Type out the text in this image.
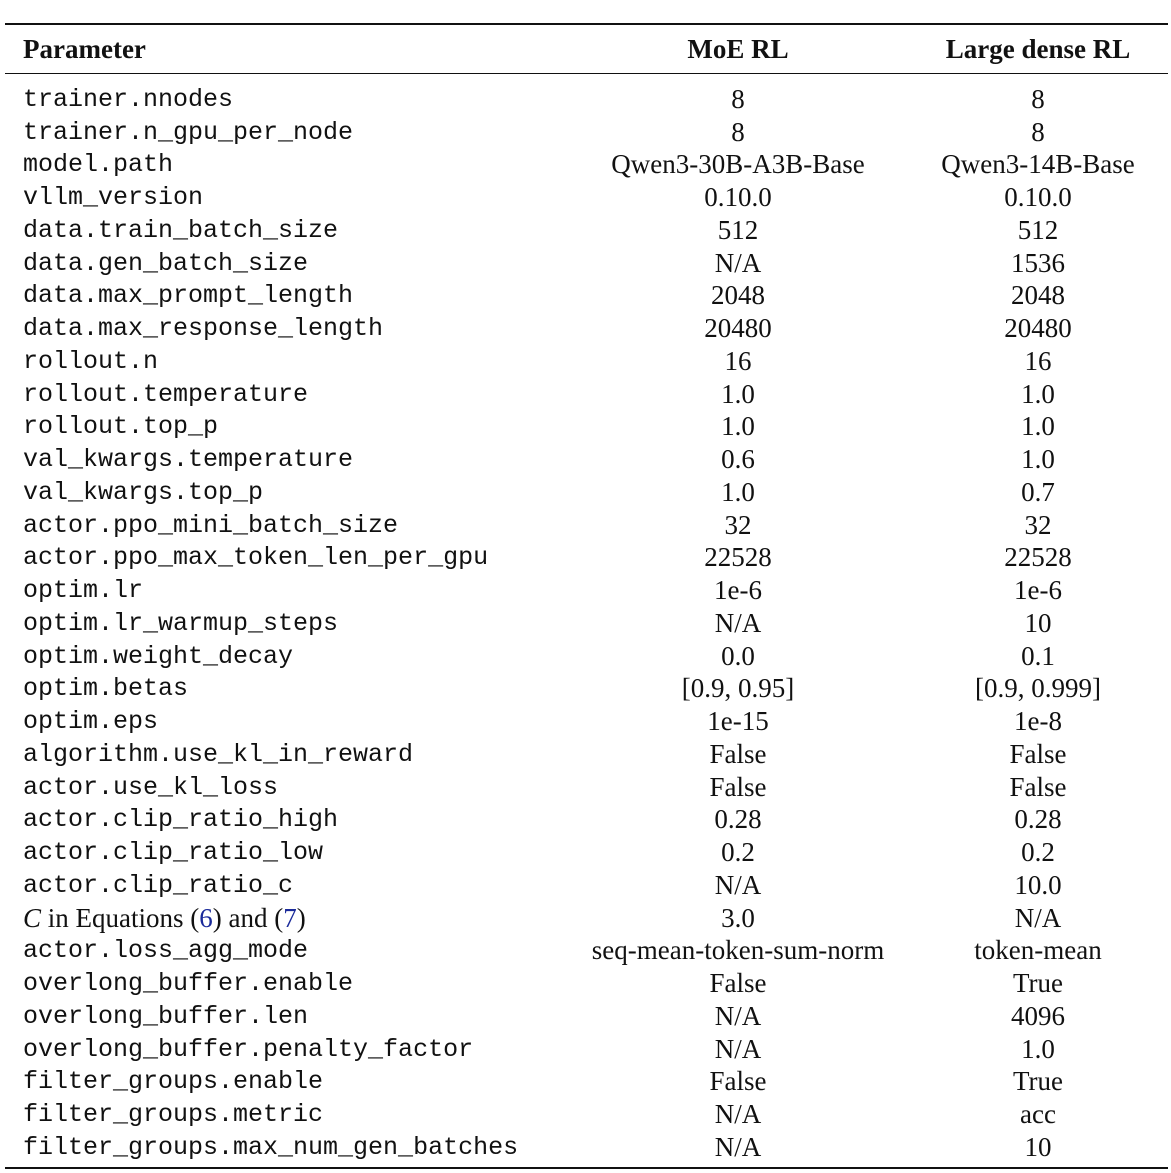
Parameter	MoE RL	Large dense RL
trainer.nnodes	8	8
trainer.n_gpu_per_node	8	8
model.path	Qwen3-30B-A3B-Base	Qwen3-14B-Base
vllm_version	0.10.0	0.10.0
data.train_batch_size	512	512
data.gen_batch_size	N/A	1536
data.max_prompt_length	2048	2048
data.max_response_length	20480	20480
rollout.n	16	16
rollout.temperature	1.0	1.0
rollout.top_p	1.0	1.0
val_kwargs.temperature	0.6	1.0
val_kwargs.top_p	1.0	0.7
actor.ppo_mini_batch_size	32	32
actor.ppo_max_token_len_per_gpu	22528	22528
optim.lr	1e-6	1e-6
optim.lr_warmup_steps	N/A	10
optim.weight_decay	0.0	0.1
optim.betas	[0.9, 0.95]	[0.9, 0.999]
optim.eps	1e-15	1e-8
algorithm.use_kl_in_reward	False	False
actor.use_kl_loss	False	False
actor.clip_ratio_high	0.28	0.28
actor.clip_ratio_low	0.2	0.2
actor.clip_ratio_c	N/A	10.0
C in Equations (6) and (7)	3.0	N/A
actor.loss_agg_mode	seq-mean-token-sum-norm	token-mean
overlong_buffer.enable	False	True
overlong_buffer.len	N/A	4096
overlong_buffer.penalty_factor	N/A	1.0
filter_groups.enable	False	True
filter_groups.metric	N/A	acc
filter_groups.max_num_gen_batches	N/A	10
